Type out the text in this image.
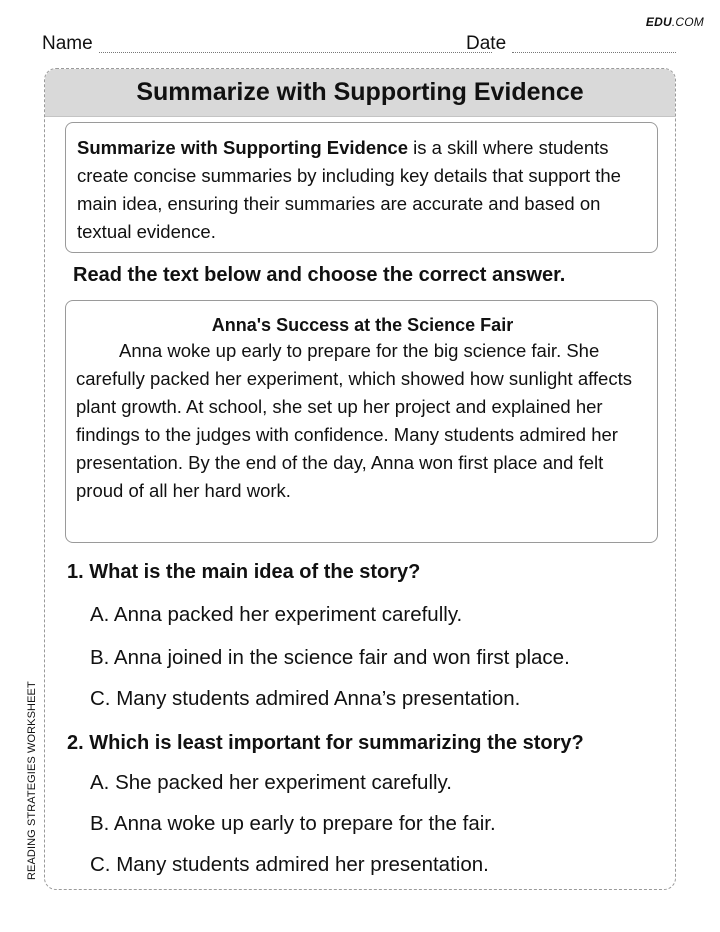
EDU.COM
Name	Date
READING STRATEGIES WORKSHEET
Summarize with Supporting Evidence
Summarize with Supporting Evidence is a skill where students create concise summaries by including key details that support the main idea, ensuring their summaries are accurate and based on textual evidence.
Read the text below and choose the correct answer.
Anna's Success at the Science Fair

Anna woke up early to prepare for the big science fair. She carefully packed her experiment, which showed how sunlight affects plant growth. At school, she set up her project and explained her findings to the judges with confidence. Many students admired her presentation. By the end of the day, Anna won first place and felt proud of all her hard work.

1. What is the main idea of the story?
A. Anna packed her experiment carefully.
B. Anna joined in the science fair and won first place.
C. Many students admired Anna’s presentation.
2. Which is least important for summarizing the story?
A. She packed her experiment carefully.
B. Anna woke up early to prepare for the fair.
C. Many students admired her presentation.
